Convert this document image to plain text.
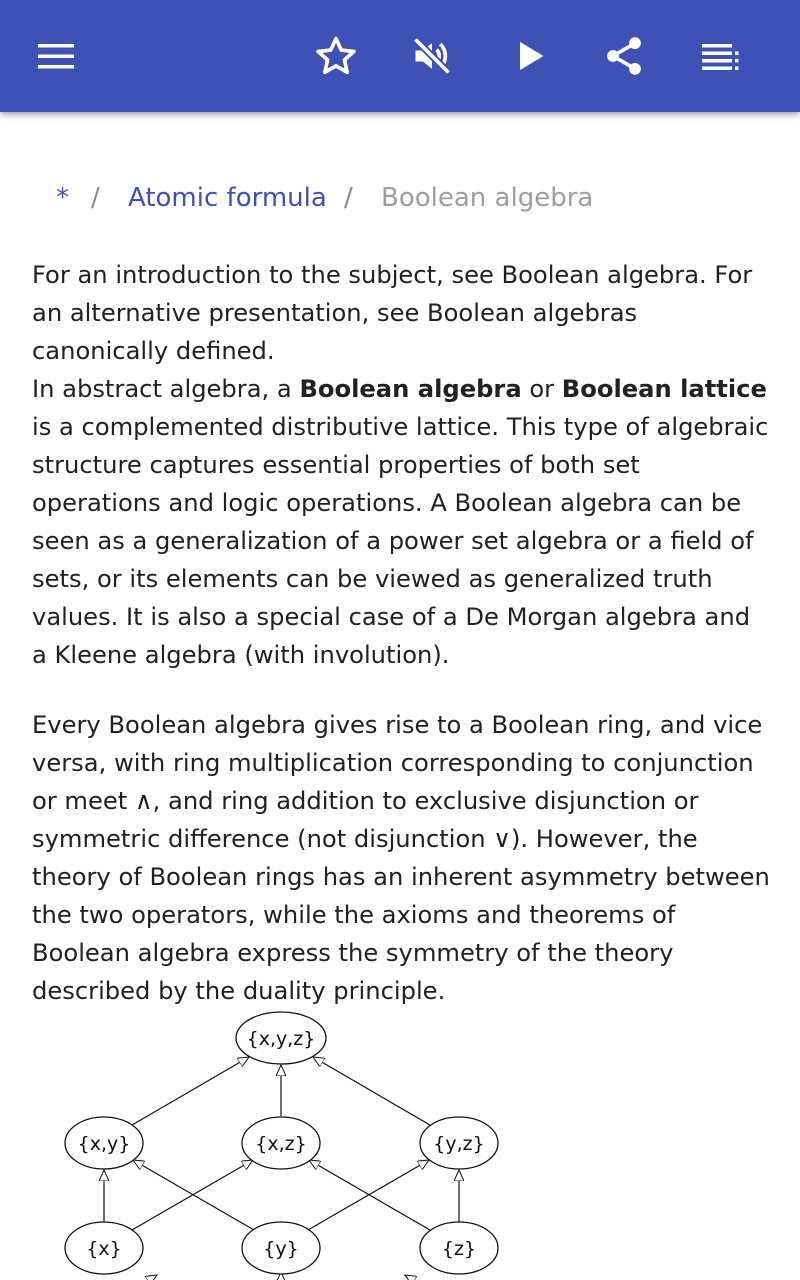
* / Atomic formula / Boolean algebra

For an introduction to the subject, see Boolean algebra. For an alternative presentation, see Boolean algebras canonically defined.

In abstract algebra, a Boolean algebra or Boolean lattice is a complemented distributive lattice. This type of algebraic structure captures essential properties of both set operations and logic operations. A Boolean algebra can be seen as a generalization of a power set algebra or a field of sets, or its elements can be viewed as generalized truth values. It is also a special case of a De Morgan algebra and a Kleene algebra (with involution).

Every Boolean algebra gives rise to a Boolean ring, and vice versa, with ring multiplication corresponding to conjunction or meet ∧, and ring addition to exclusive disjunction or symmetric difference (not disjunction ∨). However, the theory of Boolean rings has an inherent asymmetry between the two operators, while the axioms and theorems of Boolean algebra express the symmetry of the theory described by the duality principle.

{x,y,z}
{x,y}	{x,z}	{y,z}
{x}	{y}	{z}
